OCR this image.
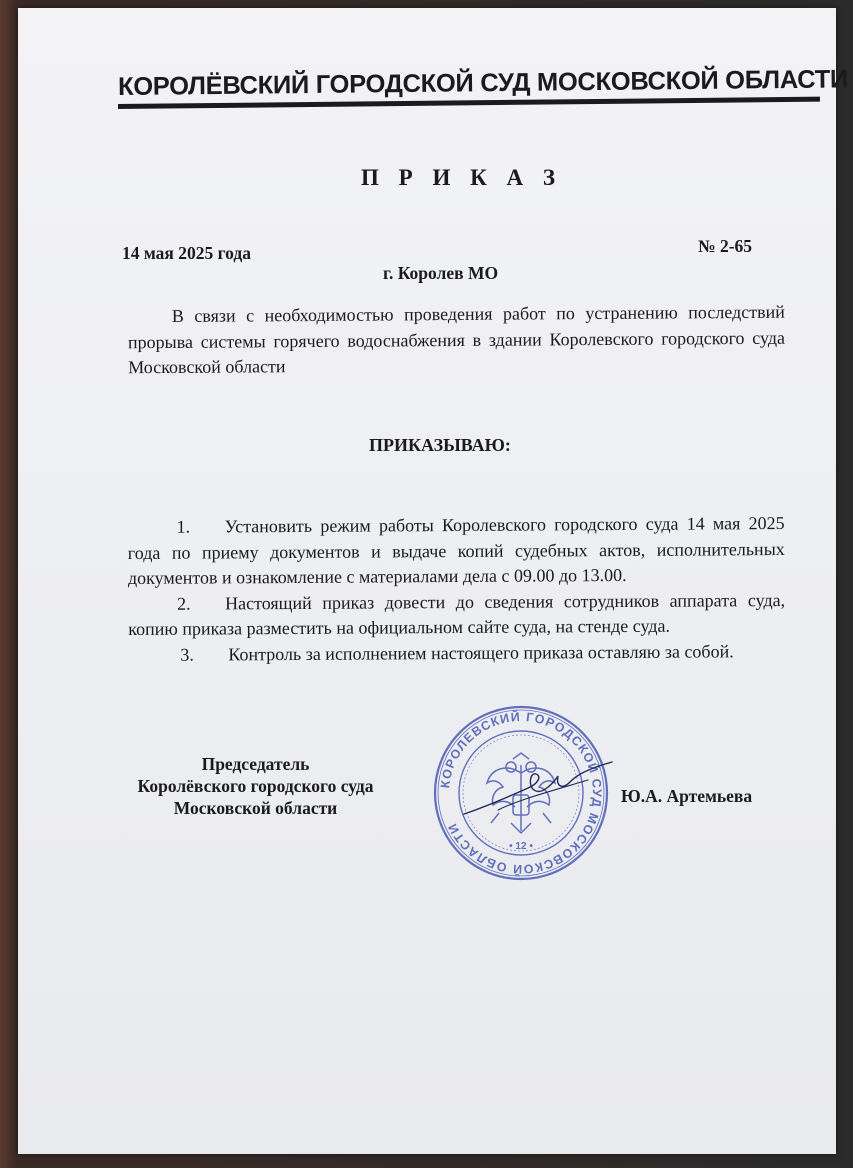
КОРОЛЁВСКИЙ ГОРОДСКОЙ СУД МОСКОВСКОЙ ОБЛАСТИ
П Р И К А З
14 мая 2025 года	№ 2-65
г. Королев МО
В связи с необходимостью проведения работ по устранению последствий прорыва системы горячего водоснабжения в здании Королевского городского суда Московской области
ПРИКАЗЫВАЮ:

1. Установить режим работы Королевского городского суда 14 мая 2025 года по приему документов и выдаче копий судебных актов, исполнительных документов и ознакомление с материалами дела с 09.00 до 13.00.

2. Настоящий приказ довести до сведения сотрудников аппарата суда, копию приказа разместить на официальном сайте суда, на стенде суда.

3. Контроль за исполнением настоящего приказа оставляю за собой.

Председатель
Королёвского городского суда
Московской области
КОРОЛЕВСКИЙ ГОРОДСКОЙ СУД МОСКОВСКОЙ ОБЛАСТИ
• 12 •
Ю.А. Артемьева
